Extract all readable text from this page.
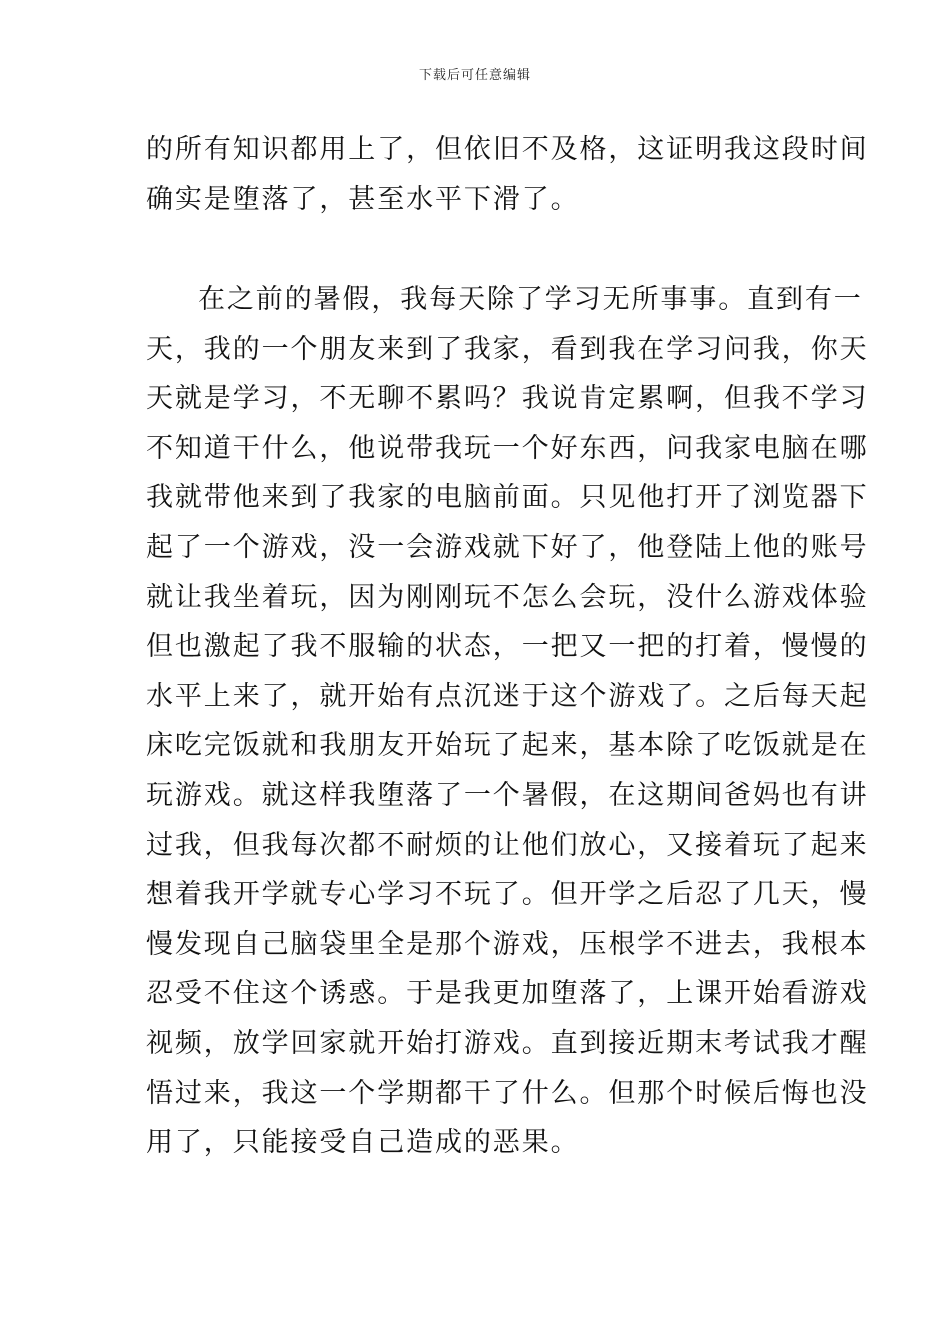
下载后可任意编辑
的所有知识都用上了，但依旧不及格，这证明我这段时间
确实是堕落了，甚至水平下滑了。
在之前的暑假，我每天除了学习无所事事。直到有一
天，我的一个朋友来到了我家，看到我在学习问我，你天
天就是学习，不无聊不累吗？我说肯定累啊，但我不学习
不知道干什么，他说带我玩一个好东西，问我家电脑在哪
我就带他来到了我家的电脑前面。只见他打开了浏览器下
起了一个游戏，没一会游戏就下好了，他登陆上他的账号
就让我坐着玩，因为刚刚玩不怎么会玩，没什么游戏体验
但也激起了我不服输的状态，一把又一把的打着，慢慢的
水平上来了，就开始有点沉迷于这个游戏了。之后每天起
床吃完饭就和我朋友开始玩了起来，基本除了吃饭就是在
玩游戏。就这样我堕落了一个暑假，在这期间爸妈也有讲
过我，但我每次都不耐烦的让他们放心，又接着玩了起来
想着我开学就专心学习不玩了。但开学之后忍了几天，慢
慢发现自己脑袋里全是那个游戏，压根学不进去，我根本
忍受不住这个诱惑。于是我更加堕落了，上课开始看游戏
视频，放学回家就开始打游戏。直到接近期末考试我才醒
悟过来，我这一个学期都干了什么。但那个时候后悔也没
用了，只能接受自己造成的恶果。
